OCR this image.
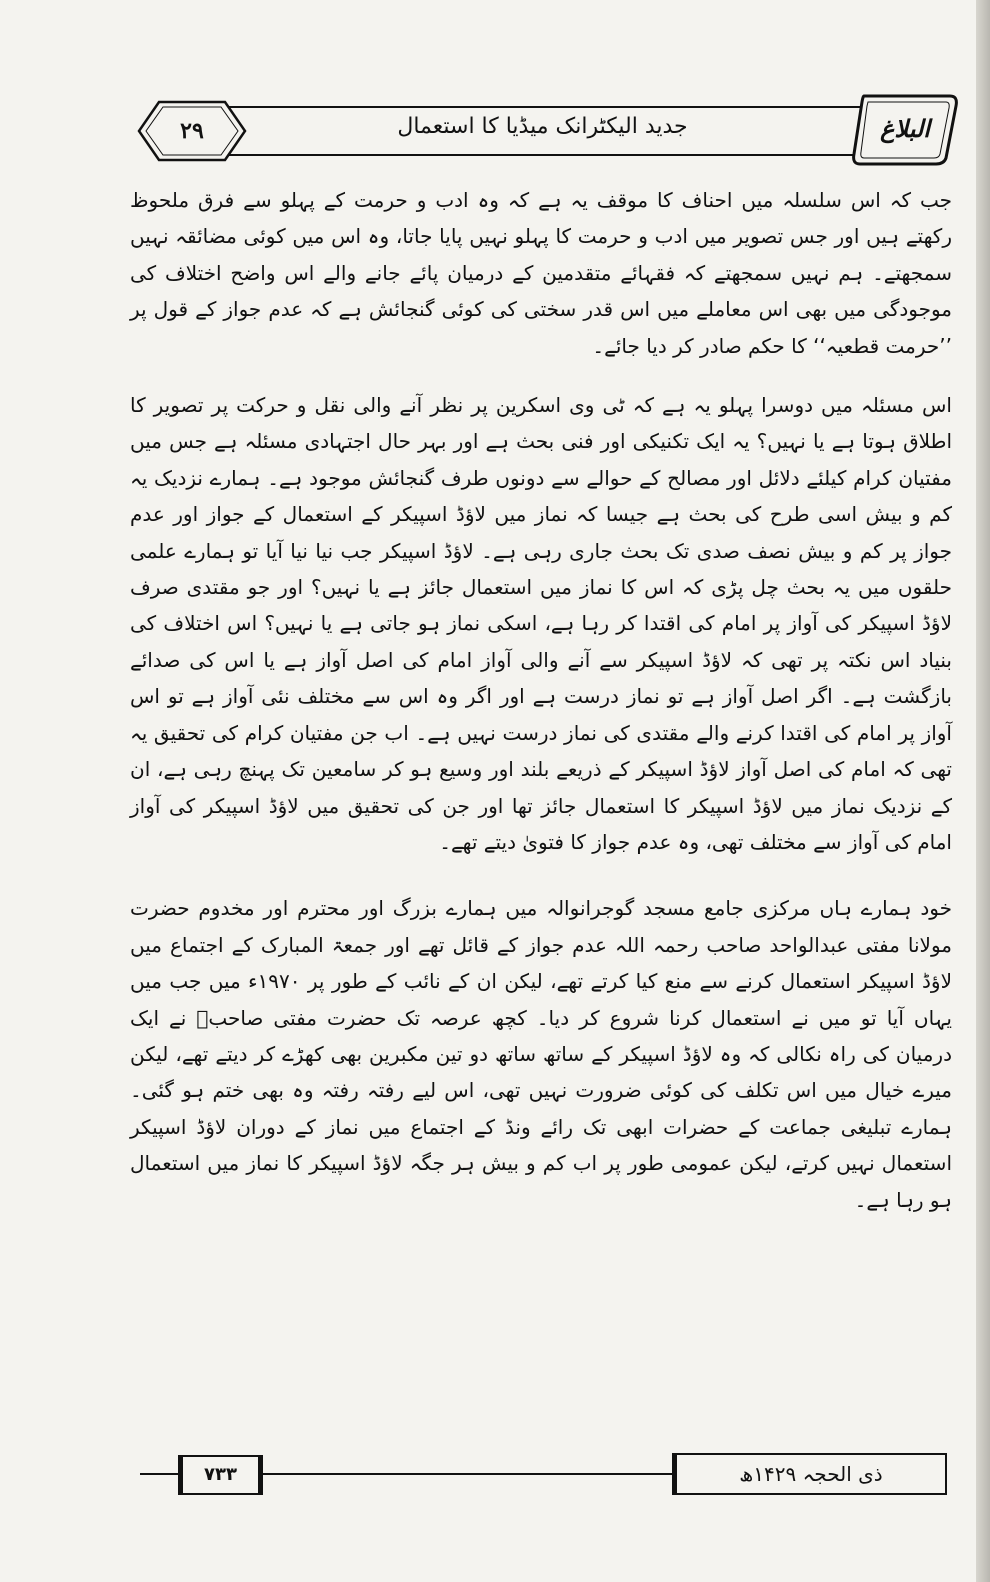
۲۹	جدید الیکٹرانک میڈیا کا استعمال	البلاغ

جب کہ اس سلسلہ میں احناف کا موقف یہ ہے کہ وہ ادب و حرمت کے پہلو سے فرق ملحوظ رکھتے ہیں اور جس تصویر میں ادب و حرمت کا پہلو نہیں پایا جاتا، وہ اس میں کوئی مضائقہ نہیں سمجھتے۔ ہم نہیں سمجھتے کہ فقہائے متقدمین کے درمیان پائے جانے والے اس واضح اختلاف کی موجودگی میں بھی اس معاملے میں اس قدر سختی کی کوئی گنجائش ہے کہ عدم جواز کے قول پر ’’حرمت قطعیہ‘‘ کا حکم صادر کر دیا جائے۔

اس مسئلہ میں دوسرا پہلو یہ ہے کہ ٹی وی اسکرین پر نظر آنے والی نقل و حرکت پر تصویر کا اطلاق ہوتا ہے یا نہیں؟ یہ ایک تکنیکی اور فنی بحث ہے اور بہر حال اجتہادی مسئلہ ہے جس میں مفتیان کرام کیلئے دلائل اور مصالح کے حوالے سے دونوں طرف گنجائش موجود ہے۔ ہمارے نزدیک یہ کم و بیش اسی طرح کی بحث ہے جیسا کہ نماز میں لاؤڈ اسپیکر کے استعمال کے جواز اور عدم جواز پر کم و بیش نصف صدی تک بحث جاری رہی ہے۔ لاؤڈ اسپیکر جب نیا نیا آیا تو ہمارے علمی حلقوں میں یہ بحث چل پڑی کہ اس کا نماز میں استعمال جائز ہے یا نہیں؟ اور جو مقتدی صرف لاؤڈ اسپیکر کی آواز پر امام کی اقتدا کر رہا ہے، اسکی نماز ہو جاتی ہے یا نہیں؟ اس اختلاف کی بنیاد اس نکتہ پر تھی کہ لاؤڈ اسپیکر سے آنے والی آواز امام کی اصل آواز ہے یا اس کی صدائے بازگشت ہے۔ اگر اصل آواز ہے تو نماز درست ہے اور اگر وہ اس سے مختلف نئی آواز ہے تو اس آواز پر امام کی اقتدا کرنے والے مقتدی کی نماز درست نہیں ہے۔ اب جن مفتیان کرام کی تحقیق یہ تھی کہ امام کی اصل آواز لاؤڈ اسپیکر کے ذریعے بلند اور وسیع ہو کر سامعین تک پہنچ رہی ہے، ان کے نزدیک نماز میں لاؤڈ اسپیکر کا استعمال جائز تھا اور جن کی تحقیق میں لاؤڈ اسپیکر کی آواز امام کی آواز سے مختلف تھی، وہ عدم جواز کا فتویٰ دیتے تھے۔

خود ہمارے ہاں مرکزی جامع مسجد گوجرانوالہ میں ہمارے بزرگ اور محترم اور مخدوم حضرت مولانا مفتی عبدالواحد صاحب رحمہ اللہ عدم جواز کے قائل تھے اور جمعۃ المبارک کے اجتماع میں لاؤڈ اسپیکر استعمال کرنے سے منع کیا کرتے تھے، لیکن ان کے نائب کے طور پر ۱۹۷۰ء میں جب میں یہاں آیا تو میں نے استعمال کرنا شروع کر دیا۔ کچھ عرصہ تک حضرت مفتی صاحبؒ نے ایک درمیان کی راہ نکالی کہ وہ لاؤڈ اسپیکر کے ساتھ ساتھ دو تین مکبرین بھی کھڑے کر دیتے تھے، لیکن میرے خیال میں اس تکلف کی کوئی ضرورت نہیں تھی، اس لیے رفتہ رفتہ وہ بھی ختم ہو گئی۔ ہمارے تبلیغی جماعت کے حضرات ابھی تک رائے ونڈ کے اجتماع میں نماز کے دوران لاؤڈ اسپیکر استعمال نہیں کرتے، لیکن عمومی طور پر اب کم و بیش ہر جگہ لاؤڈ اسپیکر کا نماز میں استعمال ہو رہا ہے۔

۷۳۳	ذی الحجہ ۱۴۲۹ھ
